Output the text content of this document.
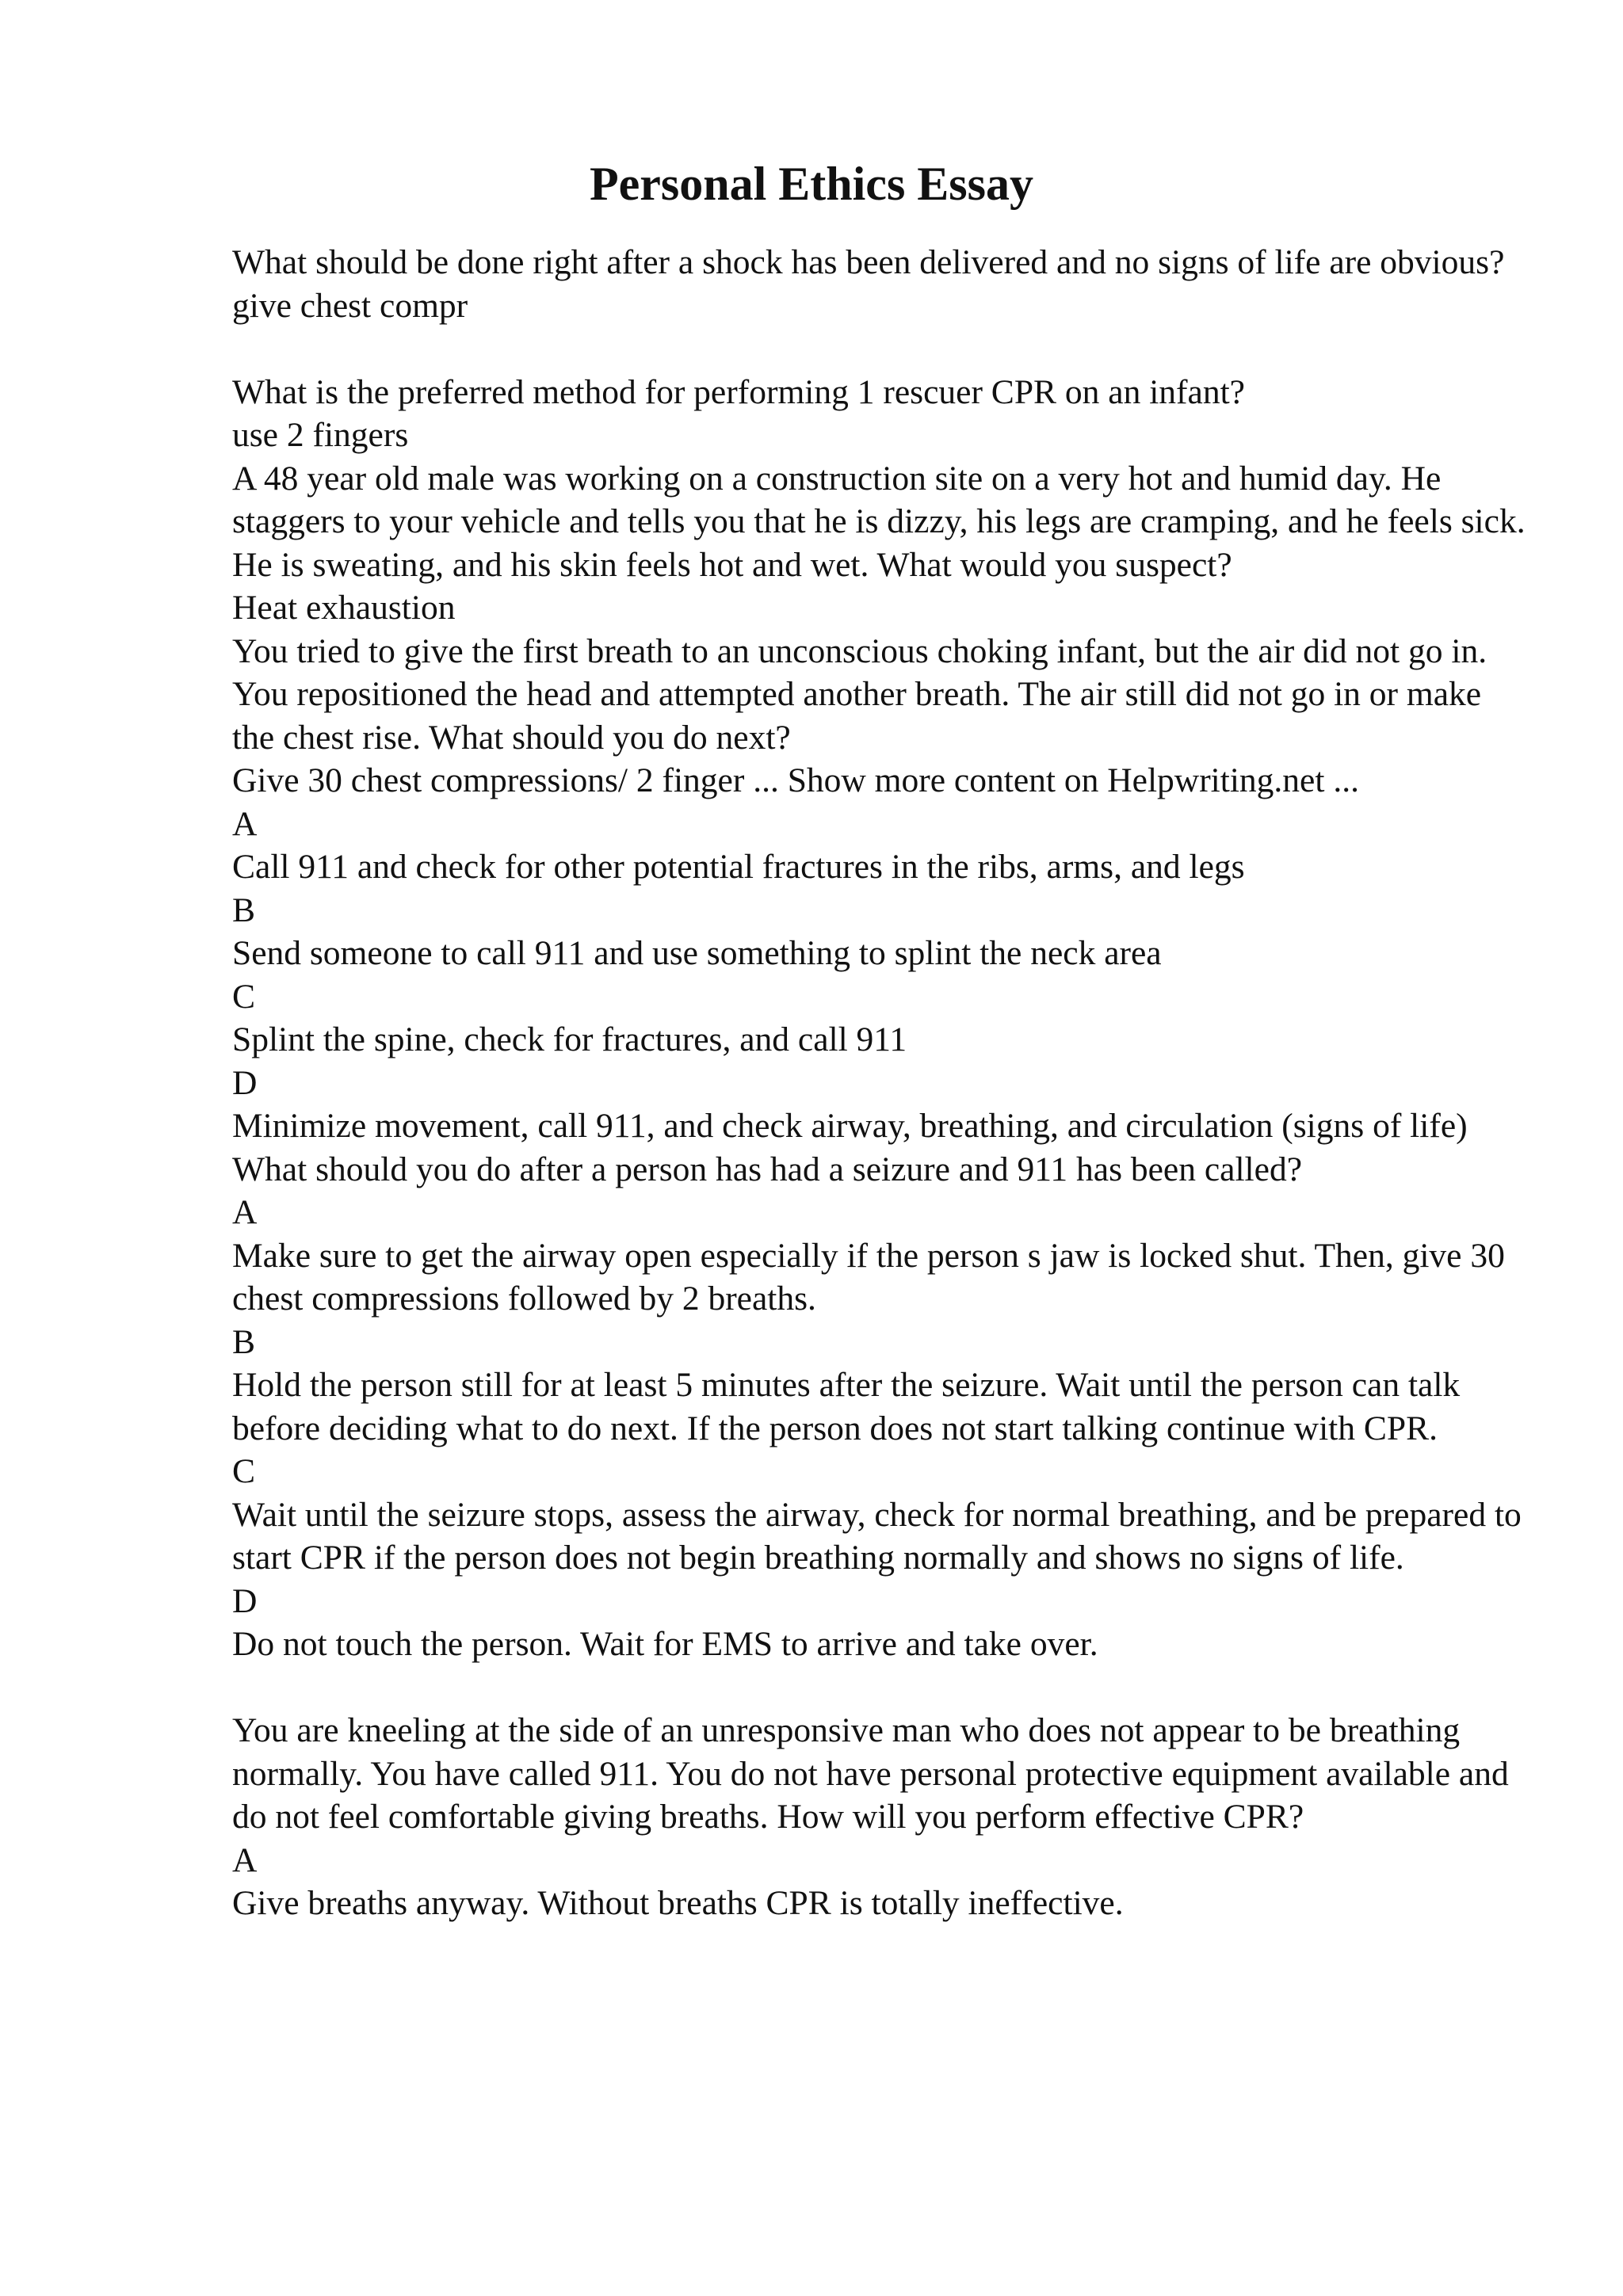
Personal Ethics Essay

What should be done right after a shock has been delivered and no signs of life are obvious?

give chest compr

What is the preferred method for performing 1 rescuer CPR on an infant?

use 2 fingers

A 48 year old male was working on a construction site on a very hot and humid day. He staggers to your vehicle and tells you that he is dizzy, his legs are cramping, and he feels sick. He is sweating, and his skin feels hot and wet. What would you suspect?

Heat exhaustion

You tried to give the first breath to an unconscious choking infant, but the air did not go in. You repositioned the head and attempted another breath. The air still did not go in or make the chest rise. What should you do next?

Give 30 chest compressions/ 2 finger ... Show more content on Helpwriting.net ...

A

Call 911 and check for other potential fractures in the ribs, arms, and legs

B

Send someone to call 911 and use something to splint the neck area

C

Splint the spine, check for fractures, and call 911

D

Minimize movement, call 911, and check airway, breathing, and circulation (signs of life)

What should you do after a person has had a seizure and 911 has been called?

A

Make sure to get the airway open especially if the person s jaw is locked shut. Then, give 30 chest compressions followed by 2 breaths.

B

Hold the person still for at least 5 minutes after the seizure. Wait until the person can talk before deciding what to do next. If the person does not start talking continue with CPR.

C

Wait until the seizure stops, assess the airway, check for normal breathing, and be prepared to start CPR if the person does not begin breathing normally and shows no signs of life.

D

Do not touch the person. Wait for EMS to arrive and take over.

You are kneeling at the side of an unresponsive man who does not appear to be breathing normally. You have called 911. You do not have personal protective equipment available and do not feel comfortable giving breaths. How will you perform effective CPR?

A

Give breaths anyway. Without breaths CPR is totally ineffective.
